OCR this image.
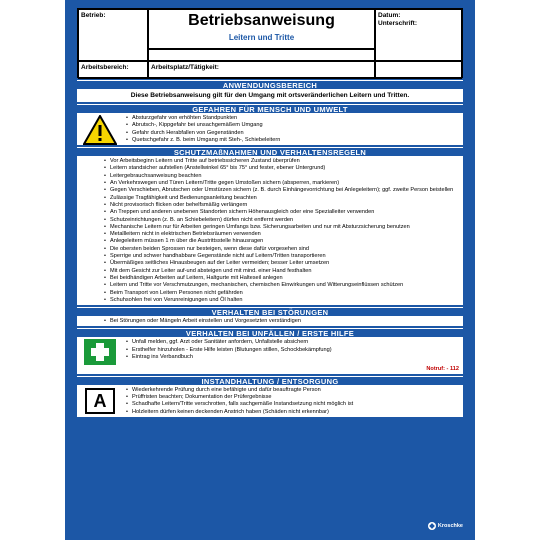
Betrieb:	Betriebsanweisung
Leitern und Tritte
Datum:
Unterschrift:
Arbeitsbereich:	Arbeitsplatz/Tätigkeit:
ANWENDUNGSBEREICH
Diese Betriebsanweisung gilt für den Umgang mit ortsveränderlichen Leitern und Tritten.
GEFAHREN FÜR MENSCH UND UMWELT
• Absturzgefahr von erhöhten Standpunkten
• Abrutsch-, Kippgefahr bei unsachgemäßem Umgang
• Gefahr durch Herabfallen von Gegenständen
• Quetschgefahr z. B. beim Umgang mit Steh-, Schiebeleitern
SCHUTZMAßNAHMEN UND VERHALTENSREGELN
• Vor Arbeitsbeginn Leitern und Tritte auf betriebssicheren Zustand überprüfen
• Leitern standsicher aufstellen (Anstellwinkel 65° bis 75° und fester, ebener Untergrund)
• Leitergebrauchsanweisung beachten
• An Verkehrswegen und Türen Leitern/Tritte gegen Umstoßen sichern (absperren, markieren)
• Gegen Verschieben, Abrutschen oder Umstürzen sichern (z. B. durch Einhängevorrichtung bei Anlegeleitern); ggf. zweite Person beistellen
• Zulässige Tragfähigkeit und Bedienungsanleitung beachten
• Nicht provisorisch flicken oder behelfsmäßig verlängern
• An Treppen und anderen unebenen Standorten sichern Höhenausgleich oder eine Spezialleiter verwenden
• Schutzeinrichtungen (z. B. an Schiebeleitern) dürfen nicht entfernt werden
• Mechanische Leitern nur für Arbeiten geringen Umfangs bzw. Sicherungsarbeiten und nur mit Absturzsicherung benutzen
• Metallleitern nicht in elektrischen Betriebsräumen verwenden
• Anlegeleitern müssen 1 m über die Austrittsstelle hinausragen
• Die obersten beiden Sprossen nur besteigen, wenn diese dafür vorgesehen sind
• Sperrige und schwer handhabbare Gegenstände nicht auf Leitern/Tritten transportieren
• Übermäßiges seitliches Hinausbeugen auf der Leiter vermeiden; besser Leiter umsetzen
• Mit dem Gesicht zur Leiter auf-und absteigen und mit mind. einer Hand festhalten
• Bei beidhändigen Arbeiten auf Leitern, Haltgurte mit Halteseil anlegen
• Leitern und Tritte vor Verschmutzungen, mechanischen, chemischen Einwirkungen und Witterungseinflüssen schützen
• Beim Transport von Leitern Personen nicht gefährden
• Schuhsohlen frei von Verunreinigungen und Öl halten
VERHALTEN BEI STÖRUNGEN
• Bei Störungen oder Mängeln Arbeit einstellen und Vorgesetzten verständigen
VERHALTEN BEI UNFÄLLEN / ERSTE HILFE
• Unfall melden, ggf. Arzt oder Sanitäter anfordern, Unfallstelle absichern
• Ersthelfer hinzuholen - Erste Hilfe leisten (Blutungen stillen, Schockbekämpfung)
• Eintrag ins Verbandbuch
Notruf: - 112
INSTANDHALTUNG / ENTSORGUNG
A
• Wiederkehrende Prüfung durch eine befähigte und dafür beauftragte Person
• Prüffristen beachten; Dokumentation der Prüfergebnisse
• Schadhafte Leitern/Tritte verschrotten, falls sachgemäße Instandsetzung nicht möglich ist
• Holzleitern dürfen keinen deckenden Anstrich haben (Schäden nicht erkennbar)
Kroschke
